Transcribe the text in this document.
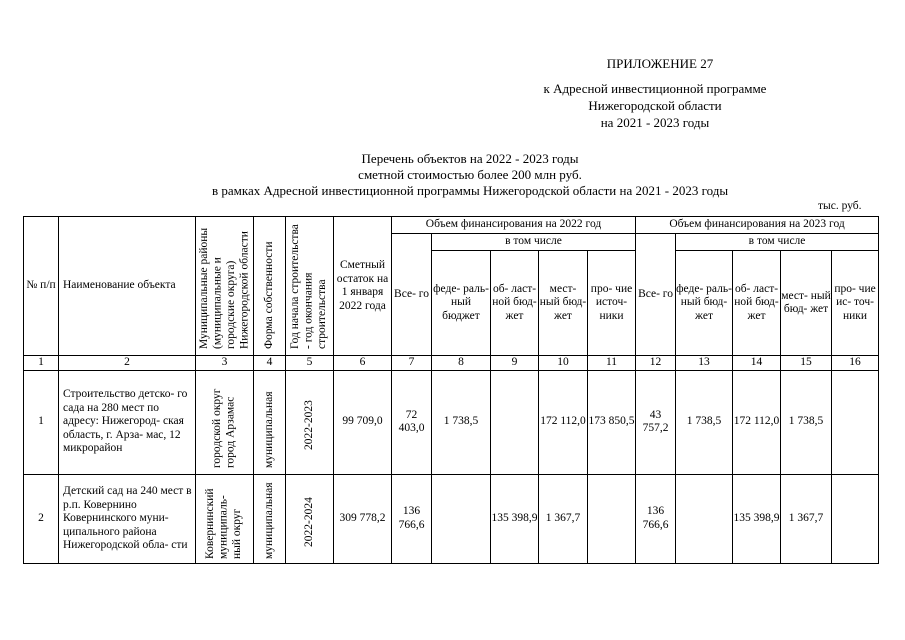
ПРИЛОЖЕНИЕ 27
к Адресной инвестиционной программе
Нижегородской области
на 2021 - 2023 годы
Перечень объектов на 2022 - 2023 годы
сметной стоимостью более 200 млн руб.
в рамках Адресной инвестиционной программы Нижегородской области на 2021 - 2023 годы
тыс. руб.
№ п/п	Наименование объекта	Муниципальные районы (муниципальные и городские округа) Нижегородской области	Форма собственности	Год начала строительства - год окончания строительства	Сметный остаток на 1 января 2022 года	Объем финансирования на 2022 год					Объем финансирования на 2023 год				
						Все- го	в том числе				Все- го	в том числе			
							феде- раль- ный бюджет	об- ласт- ной бюд- жет	мест- ный бюд- жет	про- чие источ- ники		феде- раль- ный бюд- жет	об- ласт- ной бюд- жет	мест- ный бюд- жет	про- чие ис- точ- ники
1	2	3	4	5	6	7	8	9	10	11	12	13	14	15	16
1	Строительство детско- го сада на 280 мест по адресу: Нижегород- ская область, г. Арза- мас, 12 микрорайон	городской округ город Арзамас	муниципальная	2022-2023	99 709,0	72 403,0	1 738,5		172 112,0	173 850,5	43 757,2	1 738,5	172 112,0	1 738,5	
2	Детский сад на 240 мест в р.п. Ковернино Ковернинского муни- ципального района Нижегородской обла- сти	Ковернинский муниципаль- ный округ	муниципальная	2022-2024	309 778,2	136 766,6		135 398,9	1 367,7		136 766,6		135 398,9	1 367,7	
